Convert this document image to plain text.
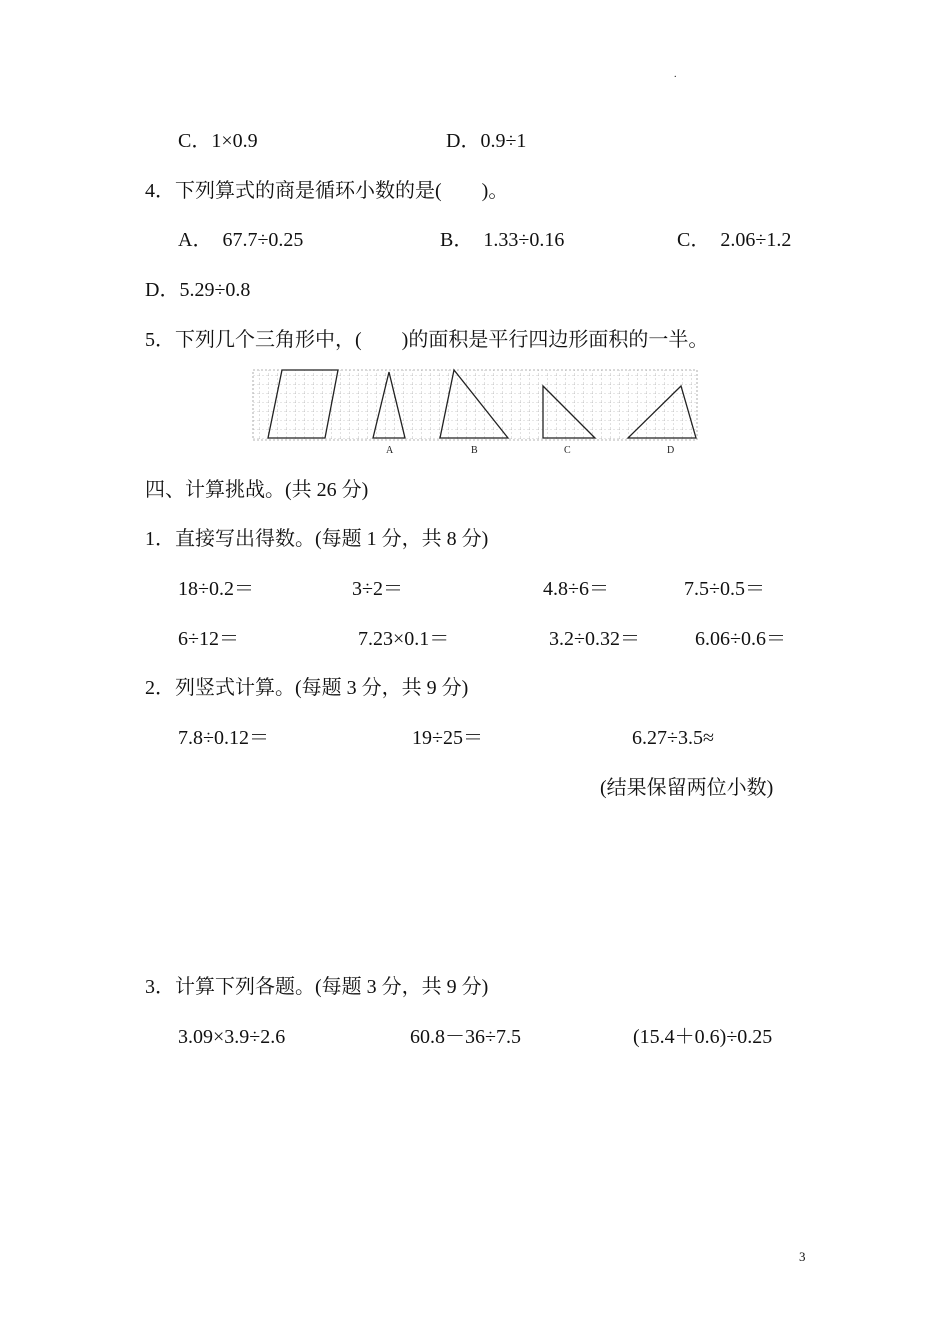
.
C．1×0.9	D．0.9÷1
4．下列算式的商是循环小数的是(　　)。
A．　67.7÷0.25	B．　1.33÷0.16	C．　2.06÷1.2
D．5.29÷0.8
5．下列几个三角形中，(　　)的面积是平行四边形面积的一半。
A	B	C	D
四、计算挑战。(共 26 分)
1．直接写出得数。(每题 1 分，共 8 分)
18÷0.2＝	3÷2＝	4.8÷6＝	7.5÷0.5＝
6÷12＝	7.23×0.1＝	3.2÷0.32＝	6.06÷0.6＝
2．列竖式计算。(每题 3 分，共 9 分)
7.8÷0.12＝	19÷25＝	6.27÷3.5≈
(结果保留两位小数)
3．计算下列各题。(每题 3 分，共 9 分)
3.09×3.9÷2.6	60.8－36÷7.5	(15.4＋0.6)÷0.25
3
